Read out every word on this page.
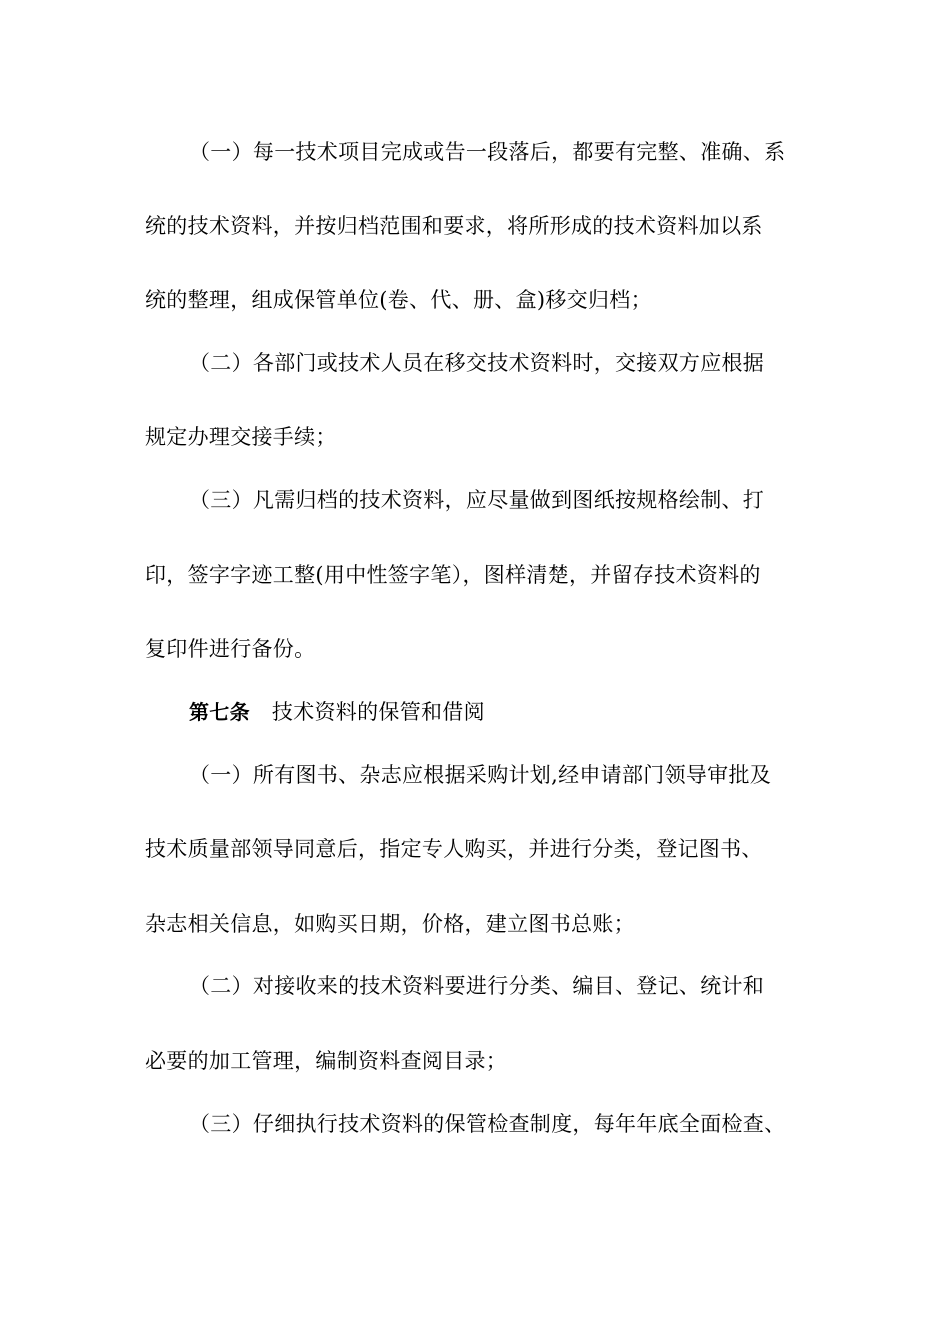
（一）每一技术项目完成或告一段落后，都要有完整、准确、系
统的技术资料，并按归档范围和要求，将所形成的技术资料加以系
统的整理，组成保管单位(卷、代、册、盒)移交归档；
（二）各部门或技术人员在移交技术资料时，交接双方应根据
规定办理交接手续；
（三）凡需归档的技术资料，应尽量做到图纸按规格绘制、打
印，签字字迹工整(用中性签字笔），图样清楚，并留存技术资料的
复印件进行备份。
第七条 技术资料的保管和借阅
（一）所有图书、杂志应根据采购计划,经申请部门领导审批及
技术质量部领导同意后，指定专人购买，并进行分类，登记图书、
杂志相关信息，如购买日期，价格，建立图书总账；
（二）对接收来的技术资料要进行分类、编目、登记、统计和
必要的加工管理，编制资料查阅目录；
（三）仔细执行技术资料的保管检查制度，每年年底全面检查、
